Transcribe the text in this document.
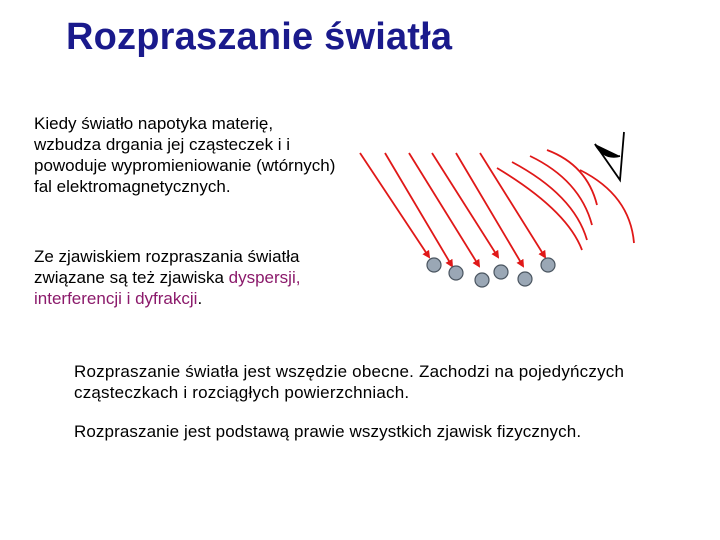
Rozpraszanie światła
Kiedy światło napotyka materię, wzbudza drgania jej cząsteczek i i powoduje wypromieniowanie (wtórnych) fal elektromagnetycznych.
Ze zjawiskiem rozpraszania światła związane są też zjawiska dyspersji, interferencji i dyfrakcji.
Rozpraszanie światła jest wszędzie obecne. Zachodzi na pojedyńczych cząsteczkach i rozciągłych powierzchniach.
Rozpraszanie jest podstawą prawie wszystkich zjawisk fizycznych.
